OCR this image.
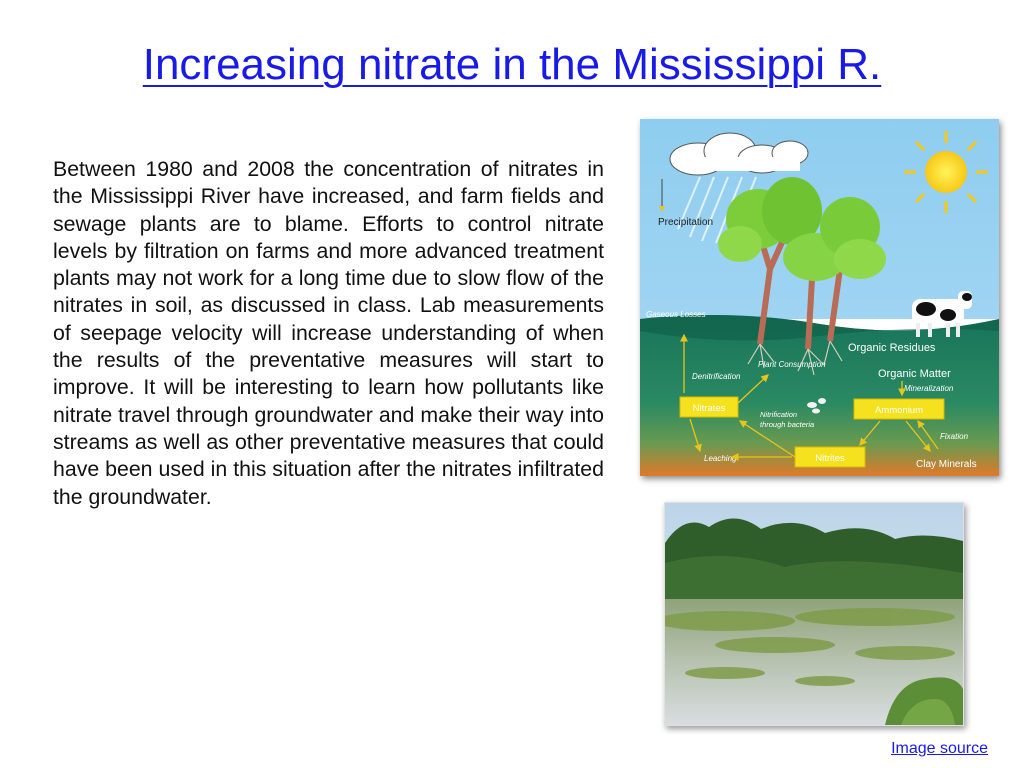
Increasing nitrate in the Mississippi R.

Between 1980 and 2008 the concentration of nitrates in the Mississippi River have increased, and farm fields and sewage plants are to blame. Efforts to control nitrate levels by filtration on farms and more advanced treatment plants may not work for a long time due to slow flow of the nitrates in soil, as discussed in class. Lab measurements of seepage velocity will increase understanding of when the results of the preventative measures will start to improve. It will be interesting to learn how pollutants like nitrate travel through groundwater and make their way into streams as well as other preventative measures that could have been used in this situation after the nitrates infiltrated the groundwater.

Precipitation
Gaseous Losses
Plant Consumption
Organic Residues
Organic Matter
Mineralization
Denitrification
Nitrates	Ammonium
Nitrites
Nitrification
through bacteria
Fixation
Leaching
Clay Minerals
Image source
